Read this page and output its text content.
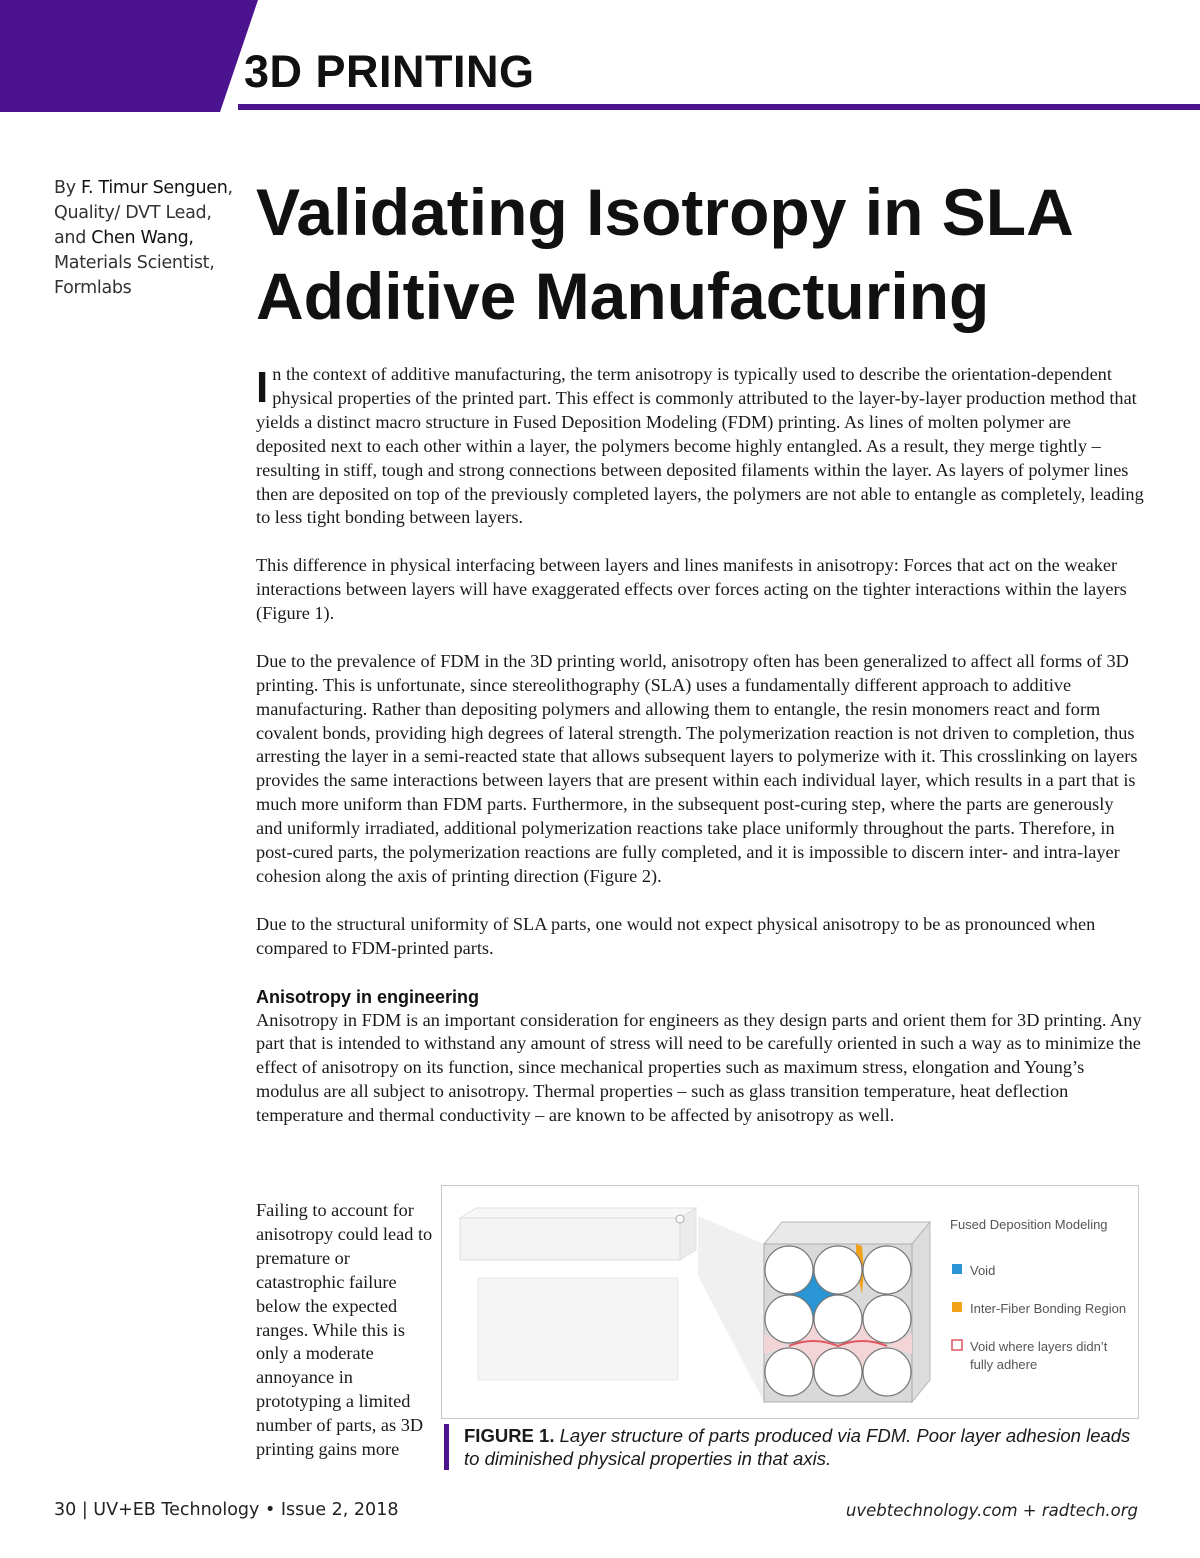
3D PRINTING
By F. Timur Senguen, Quality/ DVT Lead, and Chen Wang, Materials Scientist, Formlabs
Validating Isotropy in SLA Additive Manufacturing

In the context of additive manufacturing, the term anisotropy is typically used to describe the orientation-dependent physical properties of the printed part. This effect is commonly attributed to the layer-by-layer production method that yields a distinct macro structure in Fused Deposition Modeling (FDM) printing. As lines of molten polymer are deposited next to each other within a layer, the polymers become highly entangled. As a result, they merge tightly – resulting in stiff, tough and strong connections between deposited filaments within the layer. As layers of polymer lines then are deposited on top of the previously completed layers, the polymers are not able to entangle as completely, leading to less tight bonding between layers.

This difference in physical interfacing between layers and lines manifests in anisotropy: Forces that act on the weaker interactions between layers will have exaggerated effects over forces acting on the tighter interactions within the layers (Figure 1).

Due to the prevalence of FDM in the 3D printing world, anisotropy often has been generalized to affect all forms of 3D printing. This is unfortunate, since stereolithography (SLA) uses a fundamentally different approach to additive manufacturing. Rather than depositing polymers and allowing them to entangle, the resin monomers react and form covalent bonds, providing high degrees of lateral strength. The polymerization reaction is not driven to completion, thus arresting the layer in a semi-reacted state that allows subsequent layers to polymerize with it. This crosslinking on layers provides the same interactions between layers that are present within each individual layer, which results in a part that is much more uniform than FDM parts. Furthermore, in the subsequent post-curing step, where the parts are generously and uniformly irradiated, additional polymerization reactions take place uniformly throughout the parts. Therefore, in post-cured parts, the polymerization reactions are fully completed, and it is impossible to discern inter- and intra-layer cohesion along the axis of printing direction (Figure 2).

Due to the structural uniformity of SLA parts, one would not expect physical anisotropy to be as pronounced when compared to FDM-printed parts.

Anisotropy in engineering

Anisotropy in FDM is an important consideration for engineers as they design parts and orient them for 3D printing. Any part that is intended to withstand any amount of stress will need to be carefully oriented in such a way as to minimize the effect of anisotropy on its function, since mechanical properties such as maximum stress, elongation and Young’s modulus are all subject to anisotropy. Thermal properties – such as glass transition temperature, heat deflection temperature and thermal conductivity – are known to be affected by anisotropy as well.

Failing to account for anisotropy could lead to premature or catastrophic failure below the expected ranges. While this is only a moderate annoyance in prototyping a limited number of parts, as 3D printing gains more

Fused Deposition Modeling
Void
Inter-Fiber Bonding Region
Void where layers didn’t
fully adhere
FIGURE 1. Layer structure of parts produced via FDM. Poor layer adhesion leads to diminished physical properties in that axis.
30 | UV+EB Technology • Issue 2, 2018	uvebtechnology.com + radtech.org
